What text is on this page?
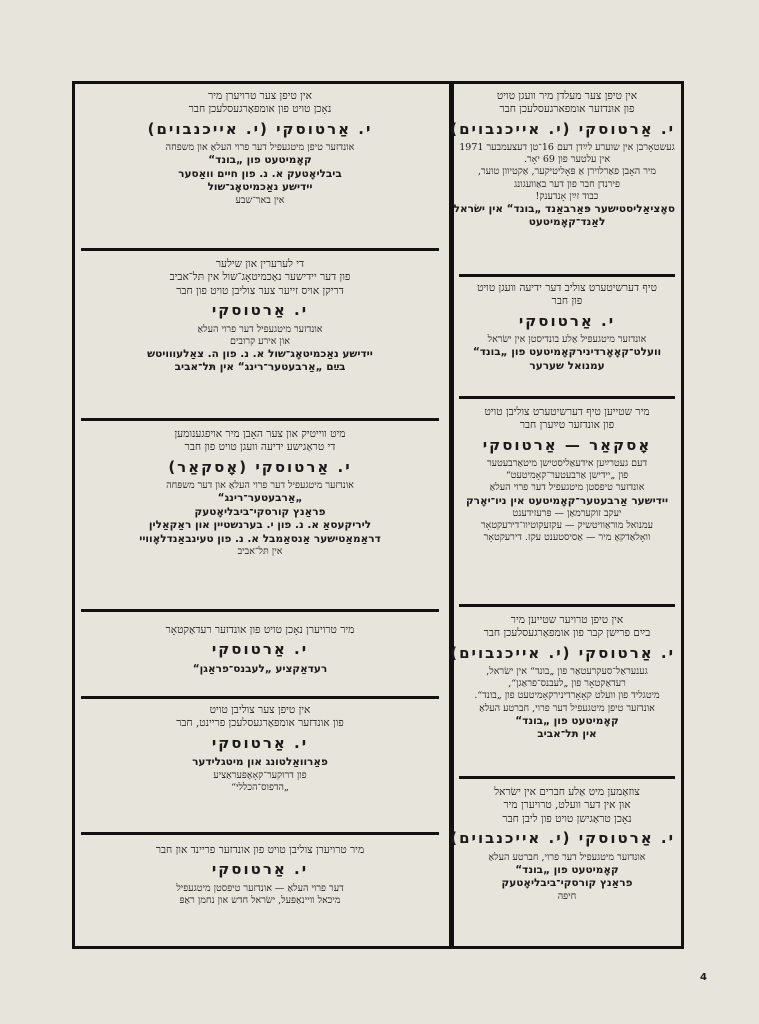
אין טיפן צער מעלדן מיר וועגן טויט

פון אונדזער אומפארגעסלעכן חבר

י. אַרטוסקי (י. אייכנבוים)

געשטאָרבן אין שוערע לײַדן דעם 16־טן דעצעמבער 1971

אין עלטער פון 69 יאָר.

מיר האָבן פאַרלוירן אַ פּאָליטיקער, אַקטיוון טוער,

פירנדן חבר פון דער באַוועגונג

כבוד זײַן אָנדענק!

סאָציאַליסטישער פּאַרבאַנד „בונד“ אין ישׂראל

לאַנד־קאָמיטעט

טיף דערשיטערט צוליב דער ידיעה וועגן טויט

פון חבר

י. אַרטוסקי

אונדזער מיטגעפיל אַלע בונדיסטן אין ישׂראל

וועלט־קאָאָרדינירקאָמיטעט פון „בונד“

עמנואל שערער

מיר שטייען טיף דערשיטערט צוליבן טויט

פון אונדזער טײַערן חבר

אָסקאַר — אַרטוסקי

דעם געטרײַען אידעאַליסטישן מיטאַרבעטער

פון „יידישן אַרבעטער־קאָמיטעט“

אונדזער טיפסטן מיטגעפיל דער פרוי העלאַ

יידישער אַרבעטער־קאָמיטעט אין ניו־יאָרק

יעקב זוקערמאַן — פּרעזידענט

עמנואל מוראַוויטשיק — עקזעקוטיוו־דירעקטאָר

וואָלאַדקאָ מיר — אַסיסטענט עקז. דירעקטאָר

אין טיפן טרויער שטייען מיר

בײַם פרישן קבר פון אומפאַרגעסלעכן חבר

י. אַרטוסקי (י. אייכנבוים)

גענעראַל־סעקרעטאַר פון „בונד“ אין ישׂראל,

רעדאַקטאָר פון „לעבנס־פראַגן“,

מיטגליד פון וועלט קאָאָרדינירקאָמיטעט פון „בונד“.

אונדזער טיפן מיטגעפיל דער פרוי, חברטע העלאַ

קאָמיטעט פון „בונד“

אין תּל־אביב

צוזאַמען מיט אַלע חברים אין ישׂראל

און אין דער וועלט, טרויערן מיר

נאָכן טראַגישן טויט פון ליבן חבר

י. אַרטוסקי (י. אייכנבוים)

אונדזער מיטגעפיל דער פרוי, חברטע העלאַ

קאָמיטעט פון „בונד“

פראַנץ קורסקי־ביבליאָטעק

חיפה

אין טיפן צער טרויערן מיר

נאָכן טויט פון אומפאַרגעסלעכן חבר

י. אַרטוסקי (י. אייכנבוים)

אונדזער טיפן מיטגעפיל דער פרוי העלאַ און משפחה

קאָמיטעט פון „בונד“

ביבליאָטעק א. נ. פון חיים וואַסער

יידישע נאַכמיטאָג־שול

אין באר־שבע

די לערערין און שילער

פון דער יידישער נאַכמיטאָג־שול אין תּל־אביב

דריקן אויס זייער צער צוליבן טויט פון חבר

י. אַרטוסקי

אונדזער מיטגעפיל דער פרוי העלאַ

און אירע קרובים

יידישע נאַכמיטאָג־שול א. נ. פון ה. צאַלעווויטש

בײַם „אַרבעטער־רינג“ אין תּל־אביב

מיט ווייטיק און צער האָבן מיר אויפגענומען

די טראַגישע ידיעה וועגן טויט פון חבר

י. אַרטוסקי (אָסקאַר)

אונדזער מיטגעפיל דער פרוי העלאַ און דער משפּחה

„אַרבעטער־רינג“

פראַנץ קורסקי־ביבליאָטעק

ליריקעסאַ א. נ. פון י. בערנשטיין און ראַקאַלין

דראַמאַטישער אַנסאַמבל א. נ. פון טעינבאַנדלאָוויי

אין תּל־אביב

מיר טרויערן נאָכן טויט פון אונדזער רעדאַקטאָר

י. אַרטוסקי

רעדאַקציע „לעבנס־פראַגן“

אין טיפן צער צוליבן טויט

פון אונדזער אומפאַרגעסלעכן פריינט, חבר

י. אַרטוסקי

פאַרוואַלטונג און מיטגלידער

פון דרוקער־קאָאָפּעראַציע

„הדפוס־הכללי“

מיר טרויערן צוליבן טויט פון אונדזער פריינד און חבר

י. אַרטוסקי

דער פרוי העלאַ — אונדזער טיפסטן מיטגעפיל

מיכאל וויינאַפּעל, ישׂראל חדש און נחמן ראַפּ

4
